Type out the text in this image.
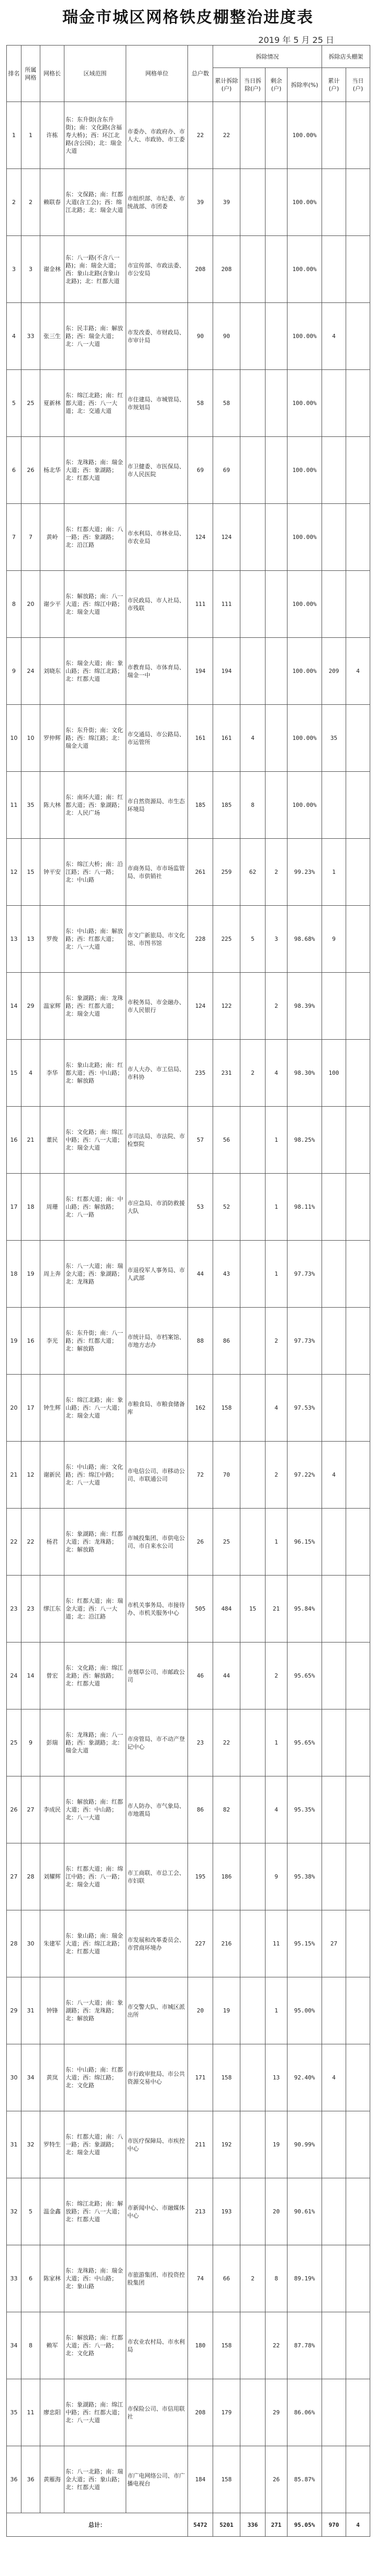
瑞金市城区网格铁皮棚整治进度表
2019 年 5 月 25 日
排名	所属网格	网格长	区域范围	网格单位	总户数	拆除情况				拆除店头棚架	
						累计拆除(户)	当日拆除(户)	剩余(户)	拆除率(%)	累计(户)	当日(户)
1	1	许栋	东：东升街(含东升街)；南：文化路(含福寿大桥)；西：环江北路(含公园)；北：瑞金大道	市委办、市政府办、市人大、市政协、市工委	22	22			100.00%		
2	2	赖联春	东：文保路；南：红都大道(含工会)；西：绵江北路；北：瑞金大道	市组织部、市纪委、市统战部、市团委	39	39			100.00%		
3	3	谢金林	东：八一路(不含八一路)；南：瑞金大道；西：象山北路(含象山北路)；北：红都大道	市宣传部、市政法委、市公安局	208	208			100.00%		
4	33	张三生	东：民丰路；南：解放路；西：瑞金大道；北：八一大道	市发改委、市财政局、市审计局	90	90			100.00%	4	
5	25	夏新林	东：绵江北路；南：红都大道；西：八一大道；北：交通大道	市住建局、市城管局、市规划局	58	58			100.00%		
6	26	杨北华	东：龙珠路；南：瑞金大道；西：象湖路；北：红都大道	市卫健委、市医保局、市人民医院	69	69			100.00%		
7	7	黄岭	东：红都大道；南：八一路；西：象湖路；北：沿江路	市水利局、市林业局、市农业局	124	124			100.00%		
8	20	谢少平	东：解放路；南：八一大道；西：绵江中路；北：瑞金大道	市民政局、市人社局、市残联	111	111			100.00%		
9	24	刘晓东	东：瑞金大道；南：象山路；西：绵江北路；北：红都大道	市教育局、市体育局、瑞金一中	194	194			100.00%	209	4
10	10	罗仲辉	东：东升街；南：文化路；西：绵江路；北：瑞金大道	市交通局、市公路局、市运管所	161	161	4		100.00%	35	
11	35	陈大林	东：南环大道；南：红都大道；西：象湖路；北：人民广场	市自然资源局、市生态环境局	185	185	8		100.00%		
12	15	钟平安	东：绵江大桥；南：沿江路；西：八一路；北：中山路	市商务局、市市场监管局、市供销社	261	259	62	2	99.23%	1	
13	13	罗俊	东：中山路；南：解放路；西：红都大道；北：八一大道	市文广新旅局、市文化馆、市图书馆	228	225	5	3	98.68%	9	
14	29	温家辉	东：象湖路；南：龙珠路；西：红都大道；北：瑞金大道	市税务局、市金融办、市人民银行	124	122		2	98.39%		
15	4	李华	东：象山北路；南：红都大道；西：中山路；北：解放路	市人大办、市工信局、市科协	235	231	2	4	98.30%	100	
16	21	董民	东：文化路；南：绵江中路；西：八一大道；北：瑞金大道	市司法局、市法院、市检察院	57	56		1	98.25%		
17	18	周珊	东：红都大道；南：中山路；西：解放路；北：八一路	市应急局、市消防救援大队	53	52		1	98.11%		
18	19	周上奔	东：八一大道；南：瑞金大道；西：象湖路；北：龙珠路	市退役军人事务局、市人武部	44	43		1	97.73%		
19	16	李光	东：东升街；南：八一路；西：红都大道；北：解放路	市统计局、市档案馆、市地方志办	88	86		2	97.73%		
20	17	钟生辉	东：绵江北路；南：象山路；西：八一大道；北：瑞金大道	市粮食局、市粮食储备库	162	158		4	97.53%		
21	12	谢新民	东：中山路；南：文化路；西：绵江中路；北：八一大道	市电信公司、市移动公司、市联通公司	72	70		2	97.22%	4	
22	22	杨君	东：象湖路；南：红都大道；西：龙珠路；北：解放路	市城投集团、市供电公司、市自来水公司	26	25		1	96.15%		
23	23	缪江东	东：红都大道；南：瑞金大道；西：八一大道；北：沿江路	市机关事务局、市接待办、市机关服务中心	505	484	15	21	95.84%		
24	14	曾宏	东：文化路；南：绵江北路；西：解放路；北：红都大道	市烟草公司、市邮政公司	46	44		2	95.65%		
25	9	彭瑞	东：龙珠路；南：八一路；西：象湖路；北：瑞金大道	市房管局、市不动产登记中心	23	22		1	95.65%		
26	27	李成民	东：解放路；南：红都大道；西：中山路；北：八一大道	市人防办、市气象局、市地震局	86	82		4	95.35%		
27	28	刘耀辉	东：红都大道；南：绵江中路；西：八一路；北：瑞金大道	市工商联、市总工会、市妇联	195	186		9	95.38%		
28	30	朱建军	东：象山路；南：瑞金大道；西：绵江北路；北：红都大道	市发展和改革委员会、市营商环境办	227	216		11	95.15%	27	
29	31	钟锋	东：八一大道；南：象湖路；西：龙珠路；北：解放路	市交警大队、市城区派出所	20	19		1	95.00%		
30	34	黄岚	东：中山路；南：红都大道；西：绵江路；北：文化路	市行政审批局、市公共资源交易中心	171	158		13	92.40%	4	
31	32	罗特生	东：红都大道；南：八一路；西：象湖路；北：瑞金大道	市医疗保障局、市疾控中心	211	192		19	90.99%		
32	5	温金鑫	东：绵江北路；南：解放路；西：八一大道；北：红都大道	市新闻中心、市融媒体中心	213	193		20	90.61%		
33	6	陈家林	东：龙珠路；南：瑞金大道；西：中山路；北：象山路	市旅游集团、市投资控股集团	74	66	2	8	89.19%		
34	8	赖军	东：解放路；南：红都大道；西：八一路；北：文化路	市农业农村局、市水利局	180	158		22	87.78%		
35	11	廖忠阳	东：象湖路；南：绵江中路；西：红都大道；北：八一大道	市保险公司、市信用联社	208	179		29	86.06%		
36	36	黄雁海	东：八一北路；南：瑞金大道；西：象山路；北：红都大道	市广电网络公司、市广播电视台	184	158		26	85.87%		
总计：					5472	5201	336	271	95.05%	970	4
